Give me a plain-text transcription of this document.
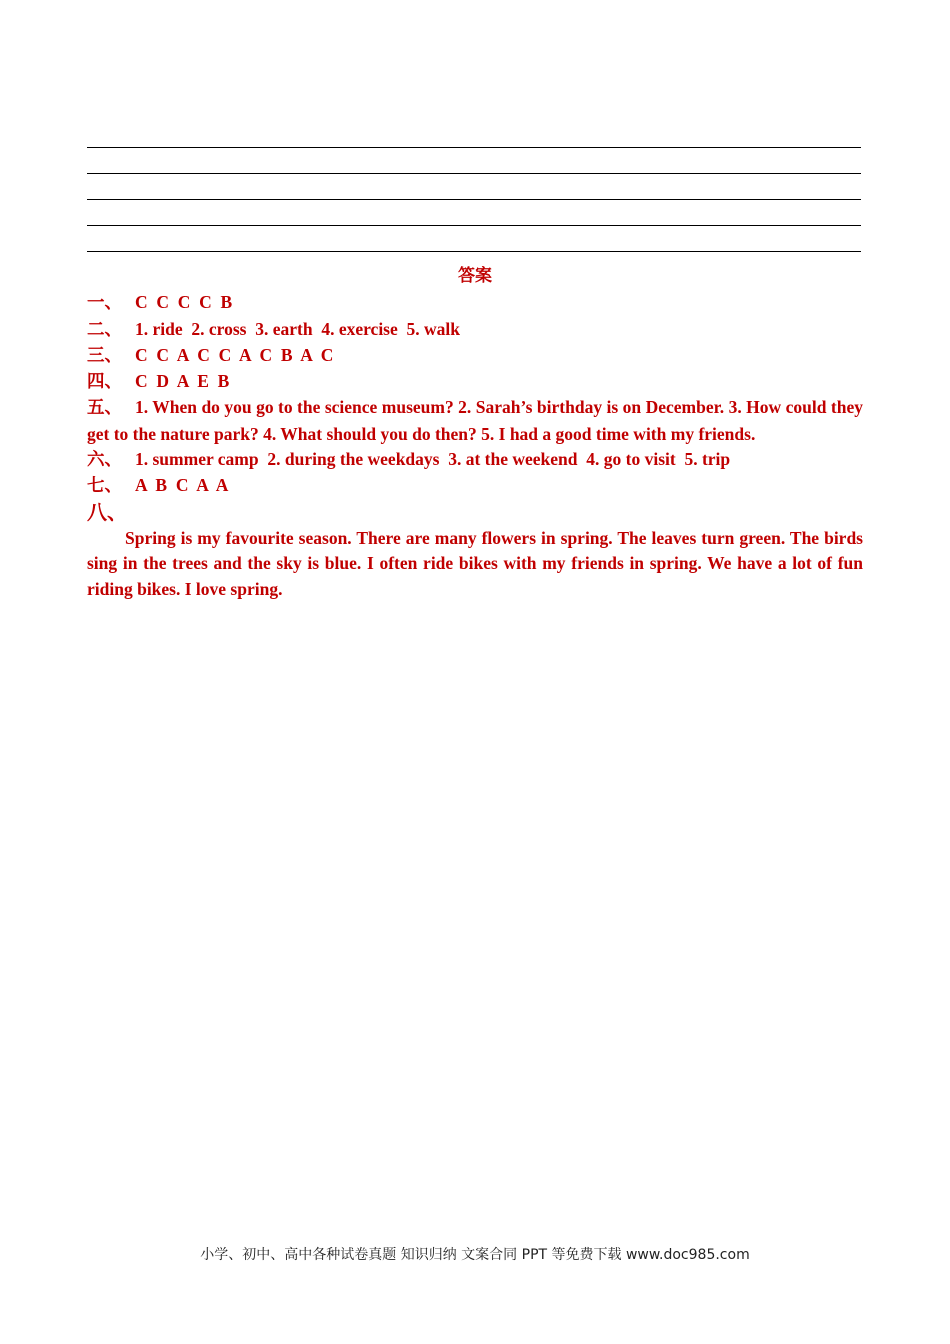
答案
一、 C  C  C  C  B
二、 1. ride  2. cross  3. earth  4. exercise  5. walk
三、 C  C  A  C  C  A  C  B  A  C
四、 C  D  A  E  B
五、 1. When do you go to the science museum? 2. Sarah’s birthday is on December. 3. How could they get to the nature park? 4. What should you do then? 5. I had a good time with my friends.
六、 1. summer camp  2. during the weekdays  3. at the weekend  4. go to visit  5. trip
七、 A  B  C  A  A
八、
Spring is my favourite season. There are many flowers in spring. The leaves turn green. The birds sing in the trees and the sky is blue. I often ride bikes with my friends in spring. We have a lot of fun riding bikes. I love spring.
小学、初中、高中各种试卷真题 知识归纳 文案合同 PPT 等免费下载 www.doc985.com
